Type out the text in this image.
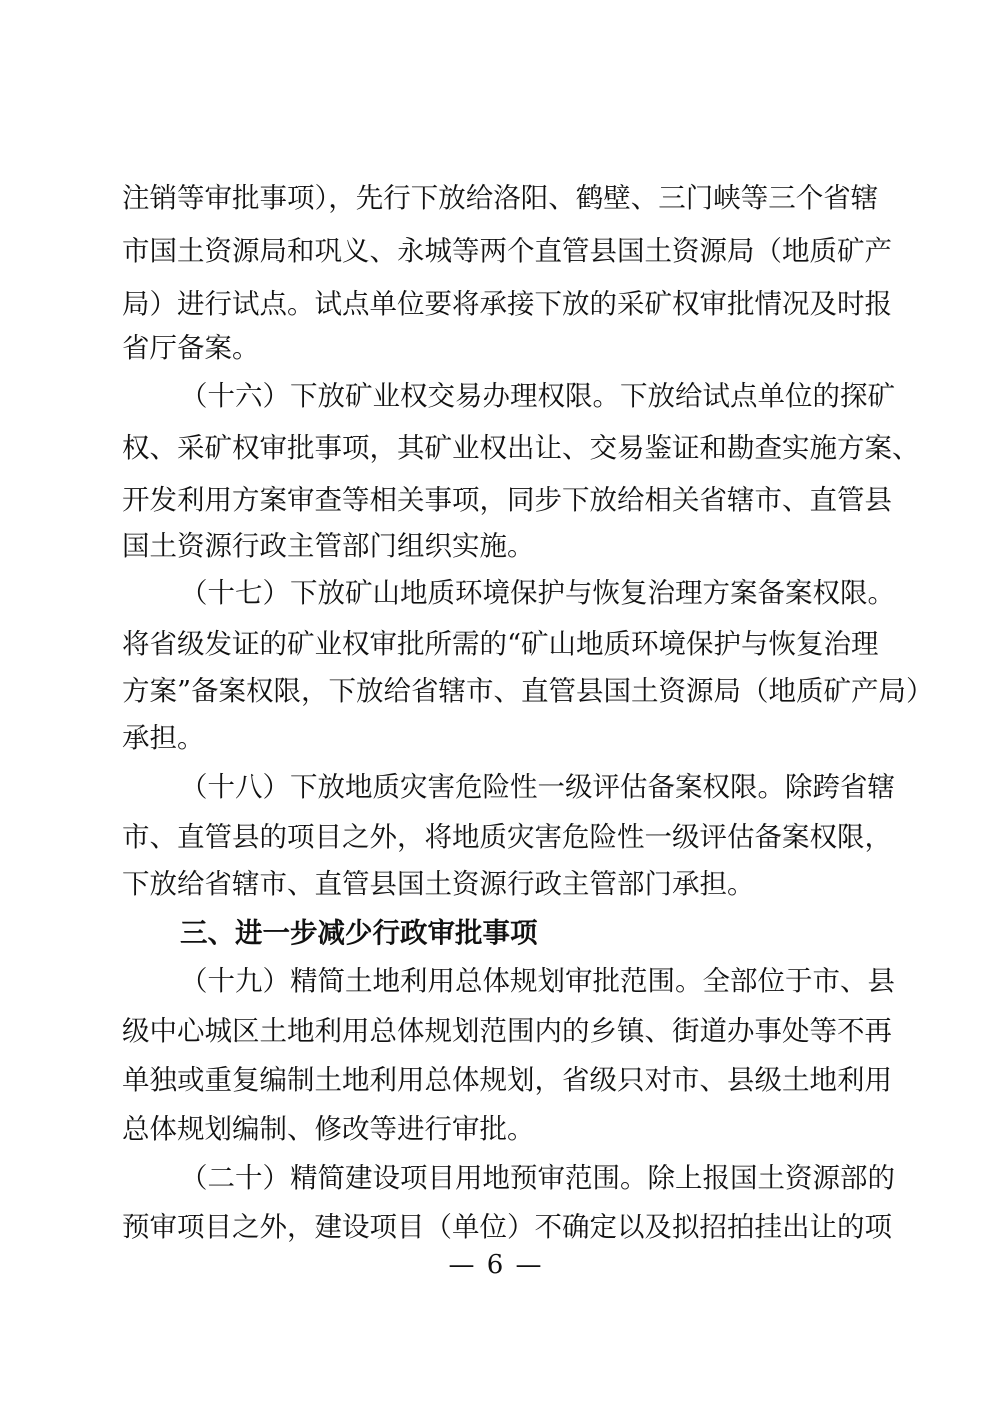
注销等审批事项），先行下放给洛阳、鹤壁、三门峡等三个省辖
市国土资源局和巩义、永城等两个直管县国土资源局（地质矿产
局）进行试点。试点单位要将承接下放的采矿权审批情况及时报
省厅备案。
（十六）下放矿业权交易办理权限。下放给试点单位的探矿
权、采矿权审批事项，其矿业权出让、交易鉴证和勘查实施方案、
开发利用方案审查等相关事项，同步下放给相关省辖市、直管县
国土资源行政主管部门组织实施。
（十七）下放矿山地质环境保护与恢复治理方案备案权限。
将省级发证的矿业权审批所需的“矿山地质环境保护与恢复治理
方案”备案权限，下放给省辖市、直管县国土资源局（地质矿产局）
承担。
（十八）下放地质灾害危险性一级评估备案权限。除跨省辖
市、直管县的项目之外，将地质灾害危险性一级评估备案权限，
下放给省辖市、直管县国土资源行政主管部门承担。
三、进一步减少行政审批事项
（十九）精简土地利用总体规划审批范围。全部位于市、县
级中心城区土地利用总体规划范围内的乡镇、街道办事处等不再
单独或重复编制土地利用总体规划，省级只对市、县级土地利用
总体规划编制、修改等进行审批。
（二十）精简建设项目用地预审范围。除上报国土资源部的
预审项目之外，建设项目（单位）不确定以及拟招拍挂出让的项
— 6 —
